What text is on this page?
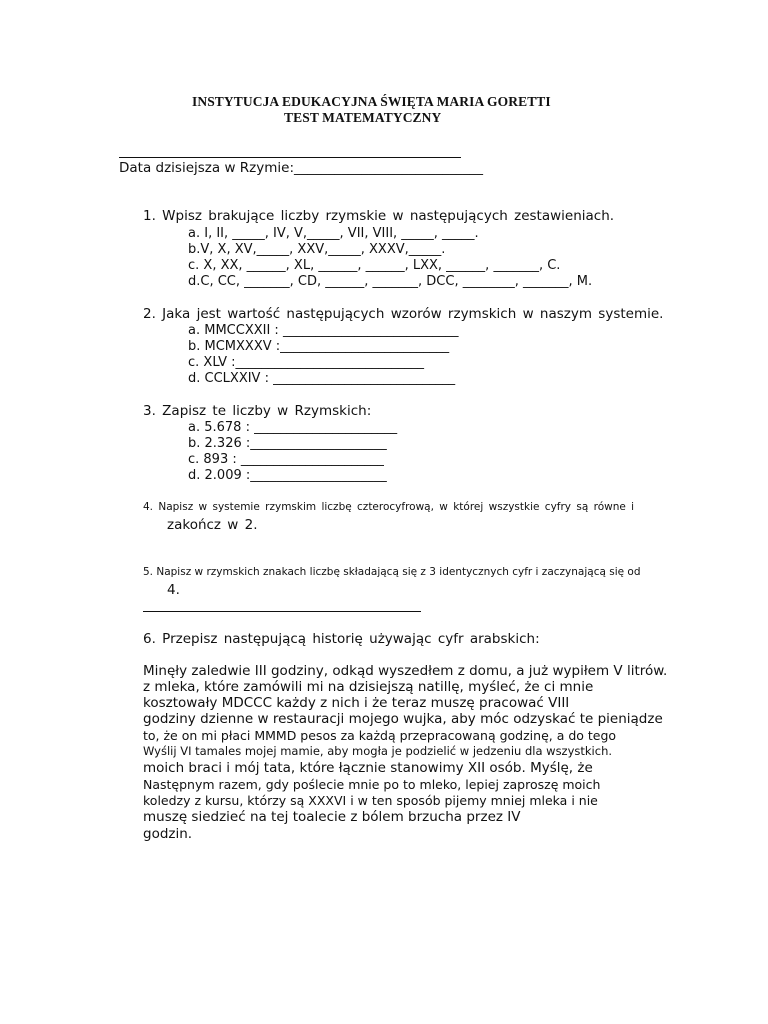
INSTYTUCJA EDUKACYJNA ŚWIĘTA MARIA GORETTI
TEST MATEMATYCZNY
Data dzisiejsza w Rzymie:____________________________
1. Wpisz brakujące liczby rzymskie w następujących zestawieniach.
a. I, II, _____, IV, V,_____, VII, VIII, _____, _____.
b.V, X, XV,_____, XXV,_____, XXXV,_____.
c. X, XX, ______, XL, ______, ______, LXX, ______, _______, C.
d.C, CC, _______, CD, ______, _______, DCC, ________, _______, M.
2. Jaka jest wartość następujących wzorów rzymskich w naszym systemie.
a. MMCCXXII : ___________________________
b. MCMXXXV :__________________________
c. XLV :_____________________________
d. CCLXXIV : ____________________________
3. Zapisz te liczby w Rzymskich:
a. 5.678 : ______________________
b. 2.326 :_____________________
c. 893 : ______________________
d. 2.009 :_____________________
4. Napisz w systemie rzymskim liczbę czterocyfrową, w której wszystkie cyfry są równe i
zakończ w 2.
5. Napisz w rzymskich znakach liczbę składającą się z 3 identycznych cyfr i zaczynającą się od
4.
6. Przepisz następującą historię używając cyfr arabskich:
Minęły zaledwie III godziny, odkąd wyszedłem z domu, a już wypiłem V litrów.
z mleka, które zamówili mi na dzisiejszą natillę, myśleć, że ci mnie
kosztowały MDCCC każdy z nich i że teraz muszę pracować VIII
godziny dzienne w restauracji mojego wujka, aby móc odzyskać te pieniądze
to, że on mi płaci MMMD pesos za każdą przepracowaną godzinę, a do tego
Wyślij VI tamales mojej mamie, aby mogła je podzielić w jedzeniu dla wszystkich.
moich braci i mój tata, które łącznie stanowimy XII osób. Myślę, że
Następnym razem, gdy poślecie mnie po to mleko, lepiej zaproszę moich
koledzy z kursu, którzy są XXXVI i w ten sposób pijemy mniej mleka i nie
muszę siedzieć na tej toalecie z bólem brzucha przez IV
godzin.
